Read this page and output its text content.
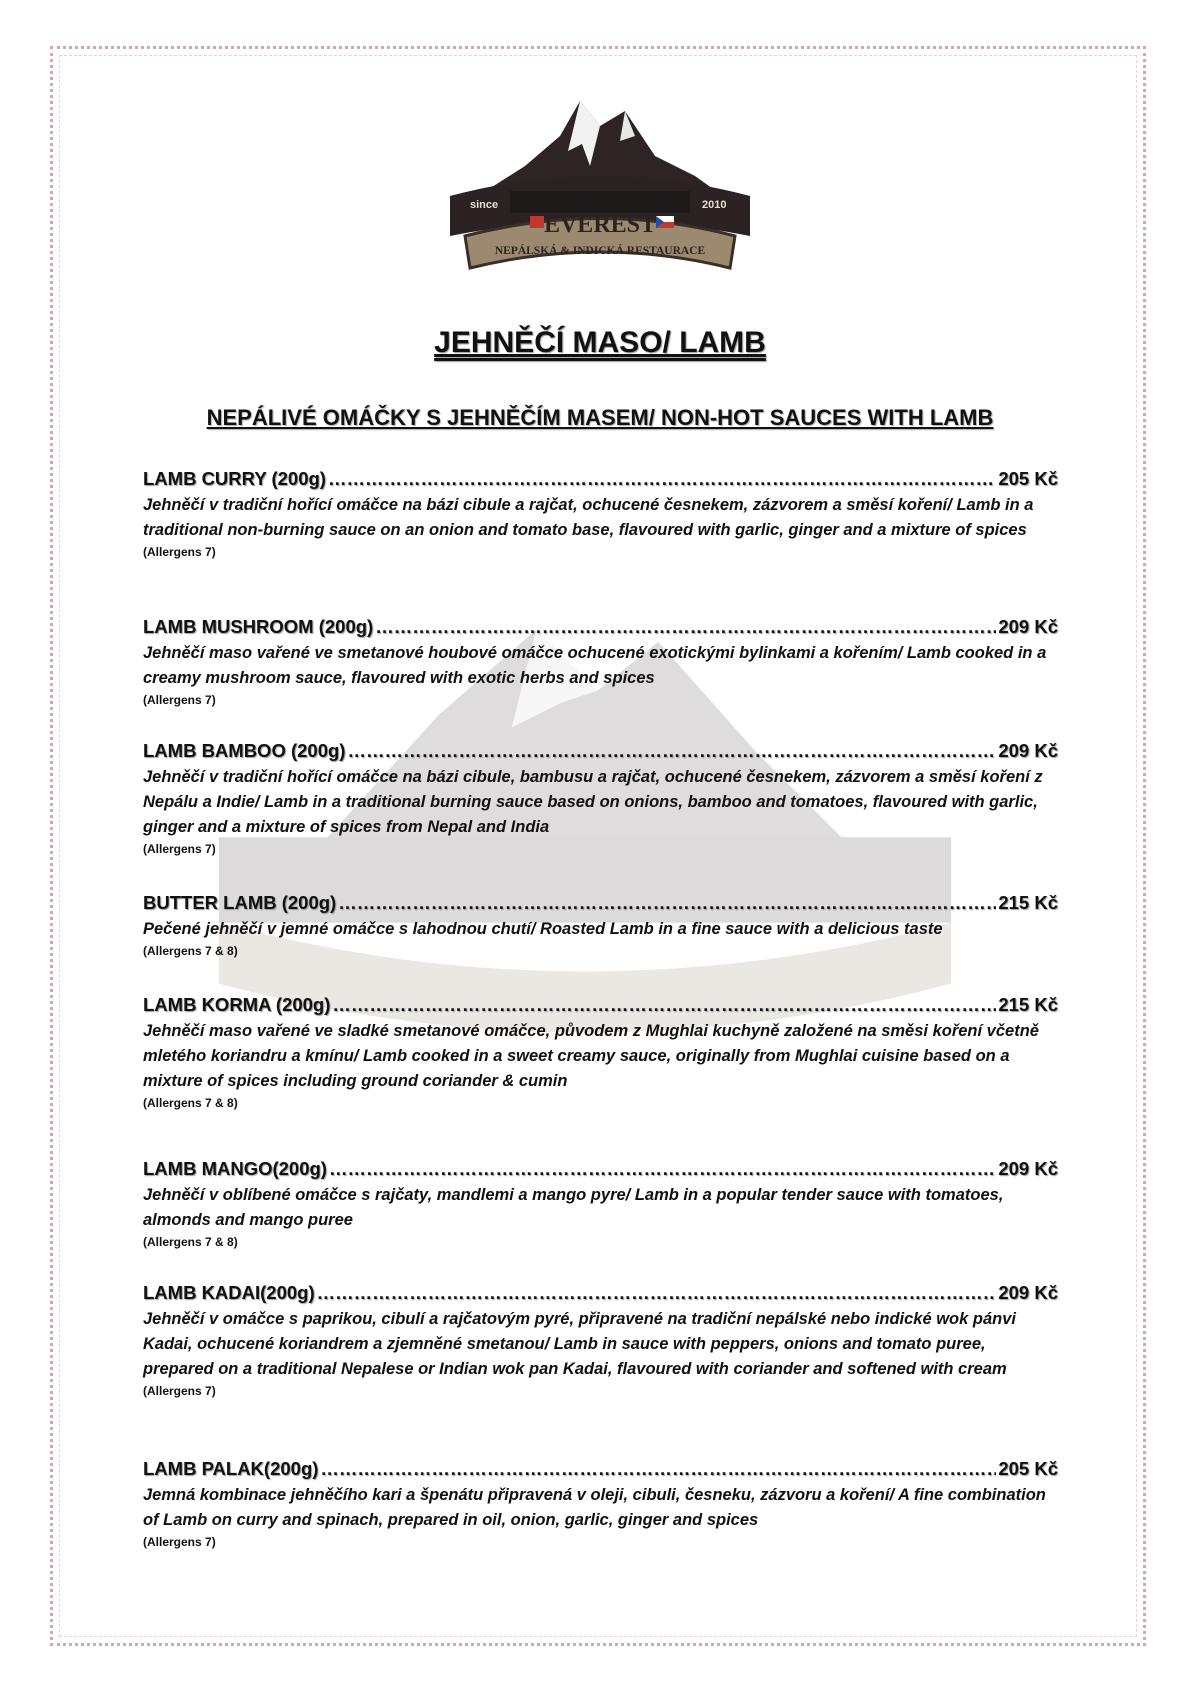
since	2010
EVEREST
NEPÁLSKÁ & INDICKÁ RESTAURACE
JEHNĚČÍ MASO/ LAMB
NEPÁLIVÉ OMÁČKY S JEHNĚČÍM MASEM/ NON-HOT SAUCES WITH LAMB
LAMB CURRY (200g) ……………………………………………………………………………………………………………………………………………………………………………………	205 Kč
Jehněčí v tradiční hořící omáčce na bázi cibule a rajčat, ochucené česnekem, zázvorem a směsí koření/ Lamb in a traditional non-burning sauce on an onion and tomato base, flavoured with garlic, ginger and a mixture of spices
(Allergens 7)
LAMB MUSHROOM (200g) ……………………………………………………………………………………………………………………………………………………………………………………	209 Kč
Jehněčí maso vařené ve smetanové houbové omáčce ochucené exotickými bylinkami a kořením/ Lamb cooked in a creamy mushroom sauce, flavoured with exotic herbs and spices
(Allergens 7)
LAMB BAMBOO (200g) ……………………………………………………………………………………………………………………………………………………………………………………	209 Kč
Jehněčí v tradiční hořící omáčce na bázi cibule, bambusu a rajčat, ochucené česnekem, zázvorem a směsí koření z Nepálu a Indie/ Lamb in a traditional burning sauce based on onions, bamboo and tomatoes, flavoured with garlic, ginger and a mixture of spices from Nepal and India
(Allergens 7)
BUTTER LAMB (200g) ……………………………………………………………………………………………………………………………………………………………………………………	215 Kč
Pečené jehněčí v jemné omáčce s lahodnou chutí/ Roasted Lamb in a fine sauce with a delicious taste
(Allergens 7 & 8)
LAMB KORMA (200g) ……………………………………………………………………………………………………………………………………………………………………………………	215 Kč
Jehněčí maso vařené ve sladké smetanové omáčce, původem z Mughlai kuchyně založené na směsi koření včetně mletého koriandru a kmínu/ Lamb cooked in a sweet creamy sauce, originally from Mughlai cuisine based on a mixture of spices including ground coriander & cumin
(Allergens 7 & 8)
LAMB MANGO(200g) ……………………………………………………………………………………………………………………………………………………………………………………	209 Kč
Jehněčí v oblíbené omáčce s rajčaty, mandlemi a mango pyre/ Lamb in a popular tender sauce with tomatoes, almonds and mango puree
(Allergens 7 & 8)
LAMB KADAI(200g) ……………………………………………………………………………………………………………………………………………………………………………………	209 Kč
Jehněčí v omáčce s paprikou, cibulí a rajčatovým pyré, připravené na tradiční nepálské nebo indické wok pánvi Kadai, ochucené koriandrem a zjemněné smetanou/ Lamb in sauce with peppers, onions and tomato puree, prepared on a traditional Nepalese or Indian wok pan Kadai, flavoured with coriander and softened with cream
(Allergens 7)
LAMB PALAK(200g) ……………………………………………………………………………………………………………………………………………………………………………………	205 Kč
Jemná kombinace jehněčího kari a špenátu připravená v oleji, cibuli, česneku, zázvoru a koření/ A fine combination of Lamb on curry and spinach, prepared in oil, onion, garlic, ginger and spices
(Allergens 7)
